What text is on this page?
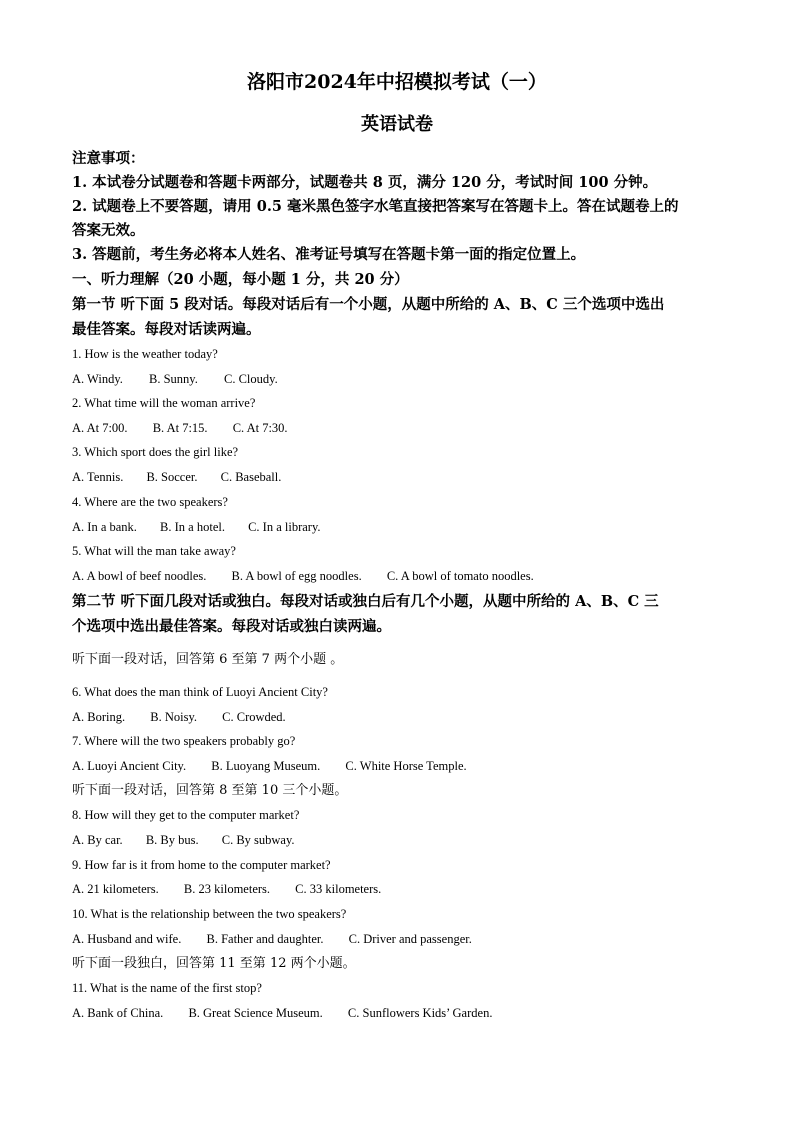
洛阳市2024年中招模拟考试（一）
英语试卷
注意事项：
1. 本试卷分试题卷和答题卡两部分，试题卷共 8 页，满分 120 分，考试时间 100 分钟。
2. 试题卷上不要答题，请用 0.5 毫米黑色签字水笔直接把答案写在答题卡上。答在试题卷上的
答案无效。
3. 答题前，考生务必将本人姓名、准考证号填写在答题卡第一面的指定位置上。
一、听力理解（20 小题，每小题 1 分，共 20 分）
第一节 听下面 5 段对话。每段对话后有一个小题，从题中所给的 A、B、C 三个选项中选出
最佳答案。每段对话读两遍。
1. How is the weather today?
A. Windy. B. Sunny. C. Cloudy.
2. What time will the woman arrive?
A. At 7:00. B. At 7:15. C. At 7:30.
3. Which sport does the girl like?
A. Tennis. B. Soccer. C. Baseball.
4. Where are the two speakers?
A. In a bank. B. In a hotel. C. In a library.
5. What will the man take away?
A. A bowl of beef noodles. B. A bowl of egg noodles. C. A bowl of tomato noodles.
第二节 听下面几段对话或独白。每段对话或独白后有几个小题，从题中所给的 A、B、C 三
个选项中选出最佳答案。每段对话或独白读两遍。
听下面一段对话，回答第 6 至第 7 两个小题 。
6. What does the man think of Luoyi Ancient City?
A. Boring. B. Noisy. C. Crowded.
7. Where will the two speakers probably go?
A. Luoyi Ancient City. B. Luoyang Museum. C. White Horse Temple.
听下面一段对话，回答第 8 至第 10 三个小题。
8. How will they get to the computer market?
A. By car. B. By bus. C. By subway.
9. How far is it from home to the computer market?
A. 21 kilometers. B. 23 kilometers. C. 33 kilometers.
10. What is the relationship between the two speakers?
A. Husband and wife. B. Father and daughter. C. Driver and passenger.
听下面一段独白，回答第 11 至第 12 两个小题。
11. What is the name of the first stop?
A. Bank of China. B. Great Science Museum. C. Sunflowers Kids’ Garden.
